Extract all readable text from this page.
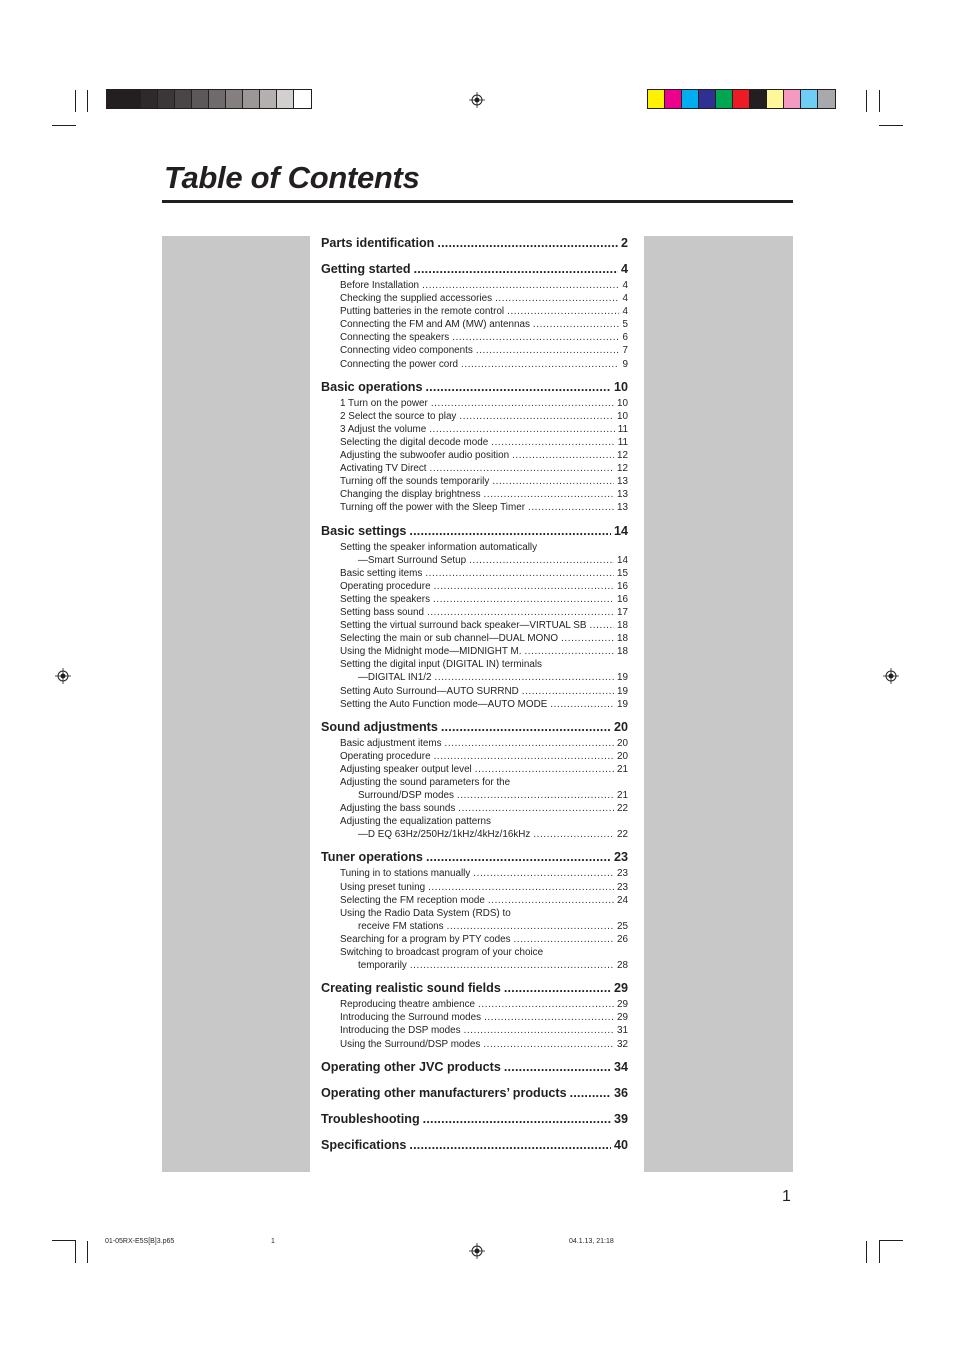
Table of Contents
Parts identification .....	2
Getting started .....	4
Before Installation .....	4
Checking the supplied accessories .....	4
Putting batteries in the remote control .....	4
Connecting the FM and AM (MW) antennas .....	5
Connecting the speakers .....	6
Connecting video components .....	7
Connecting the power cord .....	9
Basic operations .....	10
1 Turn on the power .....	10
2 Select the source to play .....	10
3 Adjust the volume .....	11
Selecting the digital decode mode .....	11
Adjusting the subwoofer audio position .....	12
Activating TV Direct .....	12
Turning off the sounds temporarily .....	13
Changing the display brightness .....	13
Turning off the power with the Sleep Timer .....	13
Basic settings .....	14
Setting the speaker information automatically
—Smart Surround Setup .....	14
Basic setting items .....	15
Operating procedure .....	16
Setting the speakers .....	16
Setting bass sound .....	17
Setting the virtual surround back speaker—VIRTUAL SB .....	18
Selecting the main or sub channel—DUAL MONO .....	18
Using the Midnight mode—MIDNIGHT M. .....	18
Setting the digital input (DIGITAL IN) terminals
—DIGITAL IN1/2 .....	19
Setting Auto Surround—AUTO SURRND .....	19
Setting the Auto Function mode—AUTO MODE .....	19
Sound adjustments .....	20
Basic adjustment items .....	20
Operating procedure .....	20
Adjusting speaker output level .....	21
Adjusting the sound parameters for the
Surround/DSP modes .....	21
Adjusting the bass sounds .....	22
Adjusting the equalization patterns
—D EQ 63Hz/250Hz/1kHz/4kHz/16kHz .....	22
Tuner operations .....	23
Tuning in to stations manually .....	23
Using preset tuning .....	23
Selecting the FM reception mode .....	24
Using the Radio Data System (RDS) to
receive FM stations .....	25
Searching for a program by PTY codes .....	26
Switching to broadcast program of your choice
temporarily .....	28
Creating realistic sound fields .....	29
Reproducing theatre ambience .....	29
Introducing the Surround modes .....	29
Introducing the DSP modes .....	31
Using the Surround/DSP modes .....	32
Operating other JVC products .....	34
Operating other manufacturers’ products .....	36
Troubleshooting .....	39
Specifications .....	40
1
01-05RX-E5S[B]3.p65	1	04.1.13, 21:18
